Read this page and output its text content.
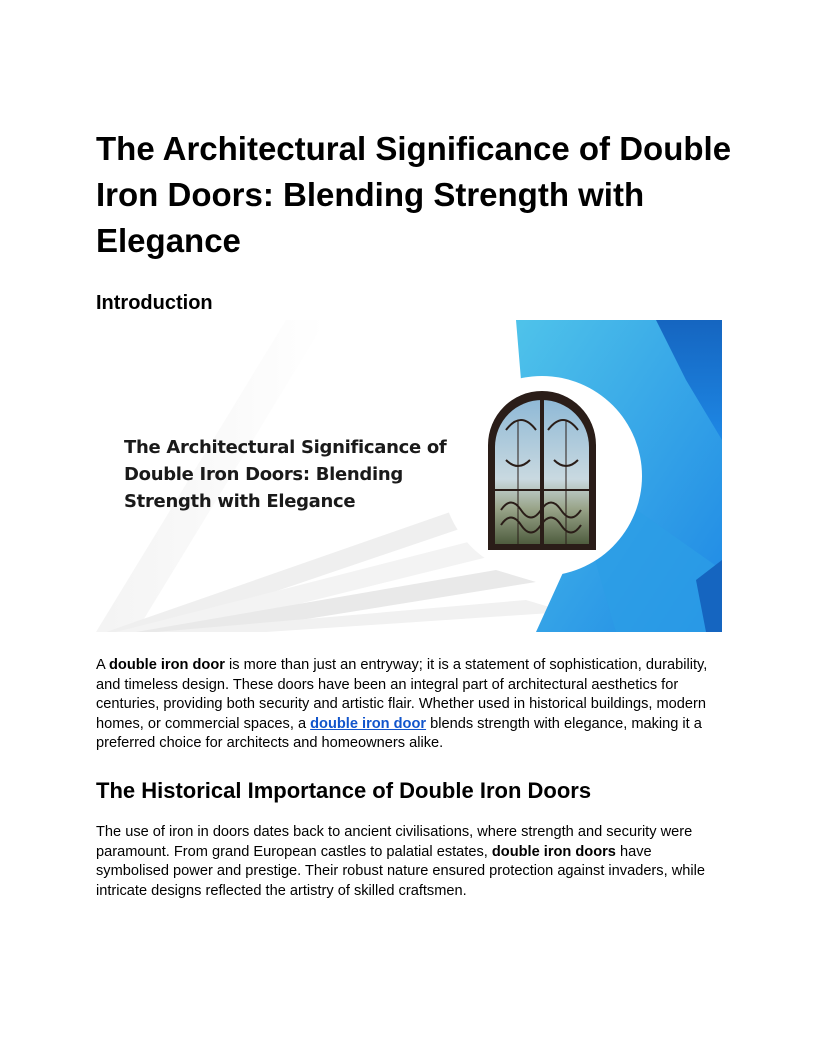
The Architectural Significance of Double Iron Doors: Blending Strength with Elegance
Introduction
The Architectural Significance of Double Iron Doors: Blending Strength with Elegance

A double iron door is more than just an entryway; it is a statement of sophistication, durability, and timeless design. These doors have been an integral part of architectural aesthetics for centuries, providing both security and artistic flair. Whether used in historical buildings, modern homes, or commercial spaces, a double iron door blends strength with elegance, making it a preferred choice for architects and homeowners alike.

The Historical Importance of Double Iron Doors

The use of iron in doors dates back to ancient civilisations, where strength and security were paramount. From grand European castles to palatial estates, double iron doors have symbolised power and prestige. Their robust nature ensured protection against invaders, while intricate designs reflected the artistry of skilled craftsmen.
